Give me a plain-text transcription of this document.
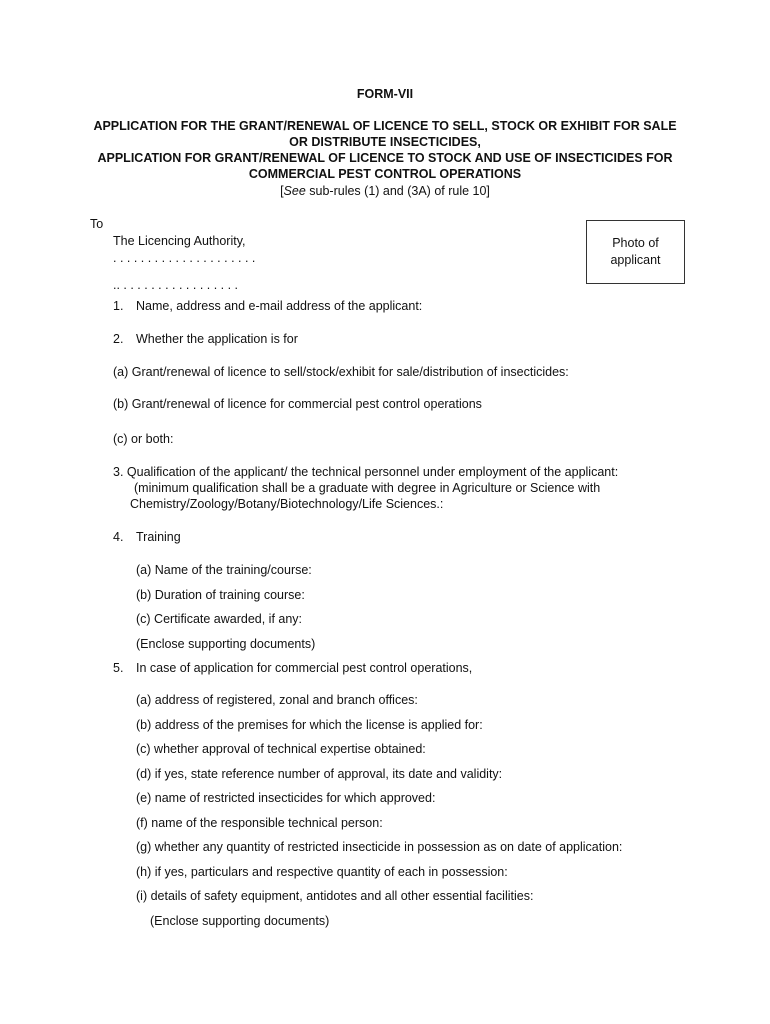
FORM-VII
APPLICATION FOR THE GRANT/RENEWAL OF LICENCE TO SELL, STOCK OR EXHIBIT FOR SALE
OR DISTRIBUTE INSECTICIDES,
APPLICATION FOR GRANT/RENEWAL OF LICENCE TO STOCK AND USE OF INSECTICIDES FOR
COMMERCIAL PEST CONTROL OPERATIONS
[See sub-rules (1) and (3A) of rule 10]
To
The Licencing Authority,
. . . . . . . . . . . . . . . . . . . . .
.. . . . . . . . . . . . . . . . . .
Photo of applicant
1. Name, address and e-mail address of the applicant:
2. Whether the application is for
(a) Grant/renewal of licence to sell/stock/exhibit for sale/distribution of insecticides:
(b) Grant/renewal of licence for commercial pest control operations
(c) or both:
3. Qualification of the applicant/ the technical personnel under employment of the applicant:
(minimum qualification shall be a graduate with degree in Agriculture or Science with
Chemistry/Zoology/Botany/Biotechnology/Life Sciences.:
4. Training
(a) Name of the training/course:
(b) Duration of training course:
(c) Certificate awarded, if any:
(Enclose supporting documents)
5. In case of application for commercial pest control operations,
(a) address of registered, zonal and branch offices:
(b) address of the premises for which the license is applied for:
(c) whether approval of technical expertise obtained:
(d) if yes, state reference number of approval, its date and validity:
(e) name of restricted insecticides for which approved:
(f) name of the responsible technical person:
(g) whether any quantity of restricted insecticide in possession as on date of application:
(h) if yes, particulars and respective quantity of each in possession:
(i) details of safety equipment, antidotes and all other essential facilities:
(Enclose supporting documents)
